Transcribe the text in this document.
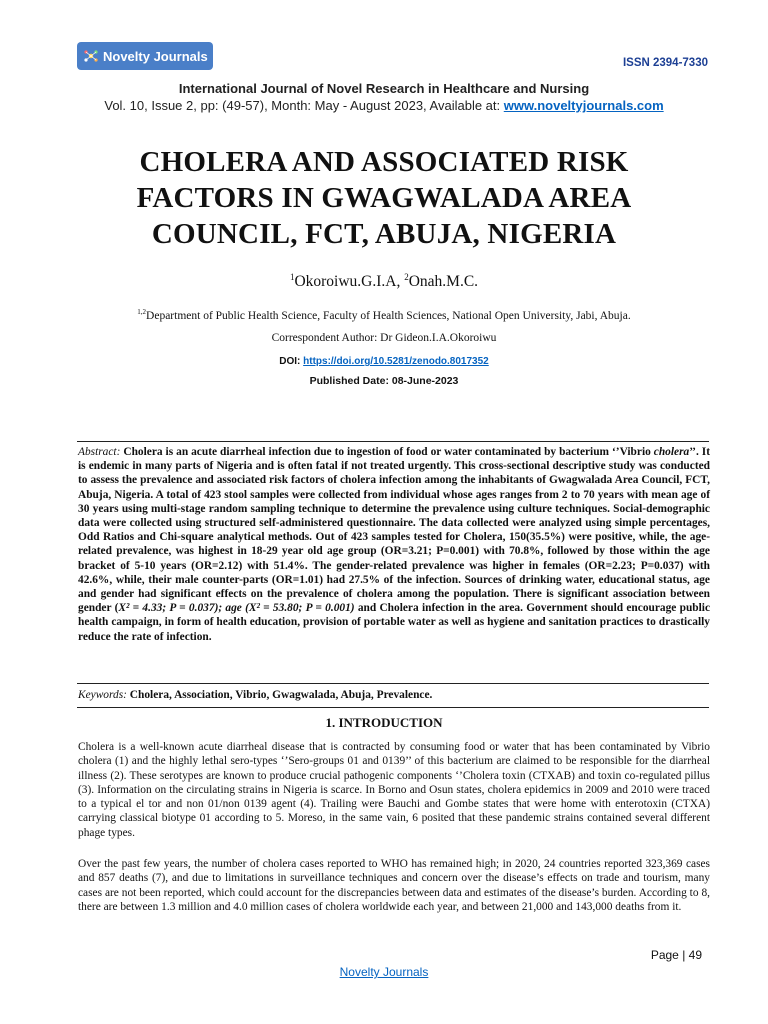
Novelty Journals	ISSN 2394-7330
International Journal of Novel Research in Healthcare and Nursing
Vol. 10, Issue 2, pp: (49-57), Month: May - August 2023, Available at: www.noveltyjournals.com
CHOLERA AND ASSOCIATED RISK FACTORS IN GWAGWALADA AREA COUNCIL, FCT, ABUJA, NIGERIA
$^1$Okoroiwu.G.I.A, $^2$Onah.M.C.
$^{1,2}$Department of Public Health Science, Faculty of Health Sciences, National Open University, Jabi, Abuja.
Correspondent Author: Dr Gideon.I.A.Okoroiwu
DOI: https://doi.org/10.5281/zenodo.8017352
Published Date: 08-June-2023
Abstract: Cholera is an acute diarrheal infection due to ingestion of food or water contaminated by bacterium ‘’Vibrio cholera’’. It is endemic in many parts of Nigeria and is often fatal if not treated urgently. This cross-sectional descriptive study was conducted to assess the prevalence and associated risk factors of cholera infection among the inhabitants of Gwagwalada Area Council, FCT, Abuja, Nigeria. A total of 423 stool samples were collected from individual whose ages ranges from 2 to 70 years with mean age of 30 years using multi-stage random sampling technique to determine the prevalence using culture techniques. Social-demographic data were collected using structured self-administered questionnaire. The data collected were analyzed using simple percentages, Odd Ratios and Chi-square analytical methods. Out of 423 samples tested for Cholera, 150(35.5%) were positive, while, the age-related prevalence, was highest in 18-29 year old age group (OR=3.21; P=0.001) with 70.8%, followed by those within the age bracket of 5-10 years (OR=2.12) with 51.4%. The gender-related prevalence was higher in females (OR=2.23; P=0.037) with 42.6%, while, their male counter-parts (OR=1.01) had 27.5% of the infection. Sources of drinking water, educational status, age and gender had significant effects on the prevalence of cholera among the population. There is significant association between gender (X² = 4.33; P = 0.037); age (X² = 53.80; P = 0.001) and Cholera infection in the area. Government should encourage public health campaign, in form of health education, provision of portable water as well as hygiene and sanitation practices to drastically reduce the rate of infection.
Keywords: Cholera, Association, Vibrio, Gwagwalada, Abuja, Prevalence.
1. INTRODUCTION
Cholera is a well-known acute diarrheal disease that is contracted by consuming food or water that has been contaminated by Vibrio cholera (1) and the highly lethal sero-types ‘’Sero-groups 01 and 0139’’ of this bacterium are claimed to be responsible for the diarrheal illness (2). These serotypes are known to produce crucial pathogenic components ‘’Cholera toxin (CTXAB) and toxin co-regulated pillus (3). Information on the circulating strains in Nigeria is scarce. In Borno and Osun states, cholera epidemics in 2009 and 2010 were traced to a typical el tor and non 01/non 0139 agent (4). Trailing were Bauchi and Gombe states that were home with enterotoxin (CTXA) carrying classical biotype 01 according to 5. Moreso, in the same vain, 6 posited that these pandemic strains contained several different phage types.
Over the past few years, the number of cholera cases reported to WHO has remained high; in 2020, 24 countries reported 323,369 cases and 857 deaths (7), and due to limitations in surveillance techniques and concern over the disease’s effects on trade and tourism, many cases are not been reported, which could account for the discrepancies between data and estimates of the disease’s burden. According to 8, there are between 1.3 million and 4.0 million cases of cholera worldwide each year, and between 21,000 and 143,000 deaths from it.
Page | 49
Novelty Journals
